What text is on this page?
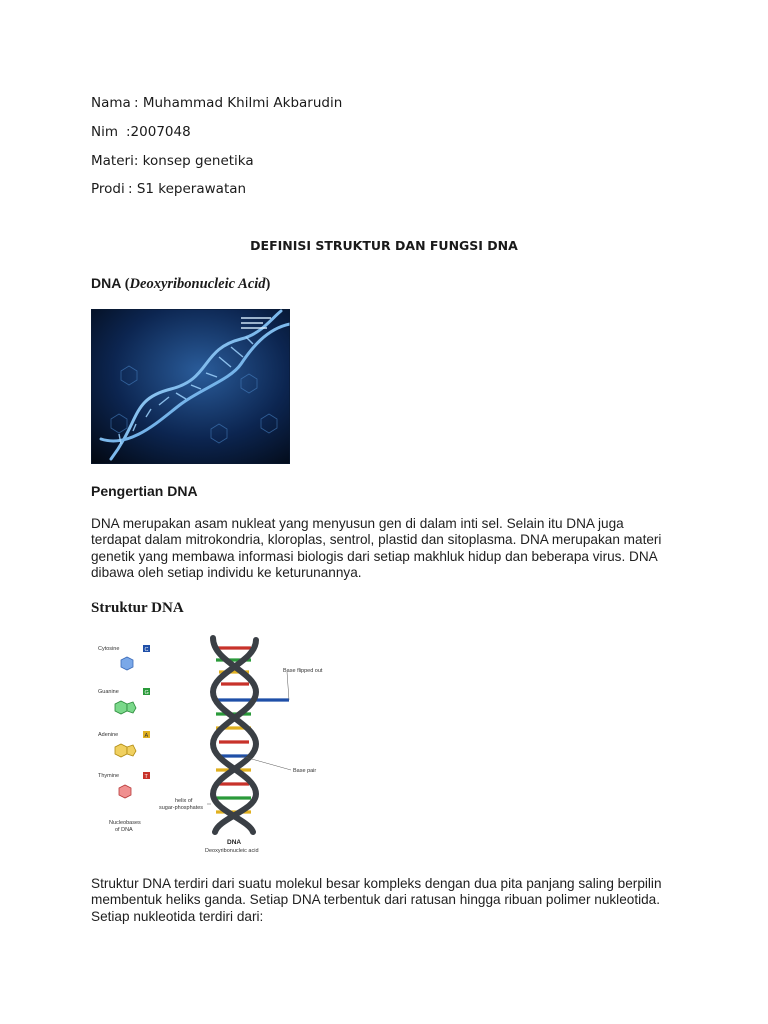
Nama : Muhammad Khilmi Akbarudin
Nim :2007048
Materi: konsep genetika
Prodi : S1 keperawatan
DEFINISI STRUKTUR DAN FUNGSI DNA
DNA (Deoxyribonucleic Acid)
Pengertian DNA
DNA merupakan asam nukleat yang menyusun gen di dalam inti sel. Selain itu DNA juga
terdapat dalam mitrokondria, kloroplas, sentrol, plastid dan sitoplasma. DNA merupakan materi
genetik yang membawa informasi biologis dari setiap makhluk hidup dan beberapa virus. DNA
dibawa oleh setiap individu ke keturunannya.
Struktur DNA
Cytosine	C
Guanine	G
Adenine	A
Thymine	T
Nucleobases
of DNA
Base flipped out
Base pair
helix of
sugar-phosphates
DNA
Deoxyribonucleic acid
Struktur DNA terdiri dari suatu molekul besar kompleks dengan dua pita panjang saling berpilin
membentuk heliks ganda. Setiap DNA terbentuk dari ratusan hingga ribuan polimer nukleotida.
Setiap nukleotida terdiri dari:
